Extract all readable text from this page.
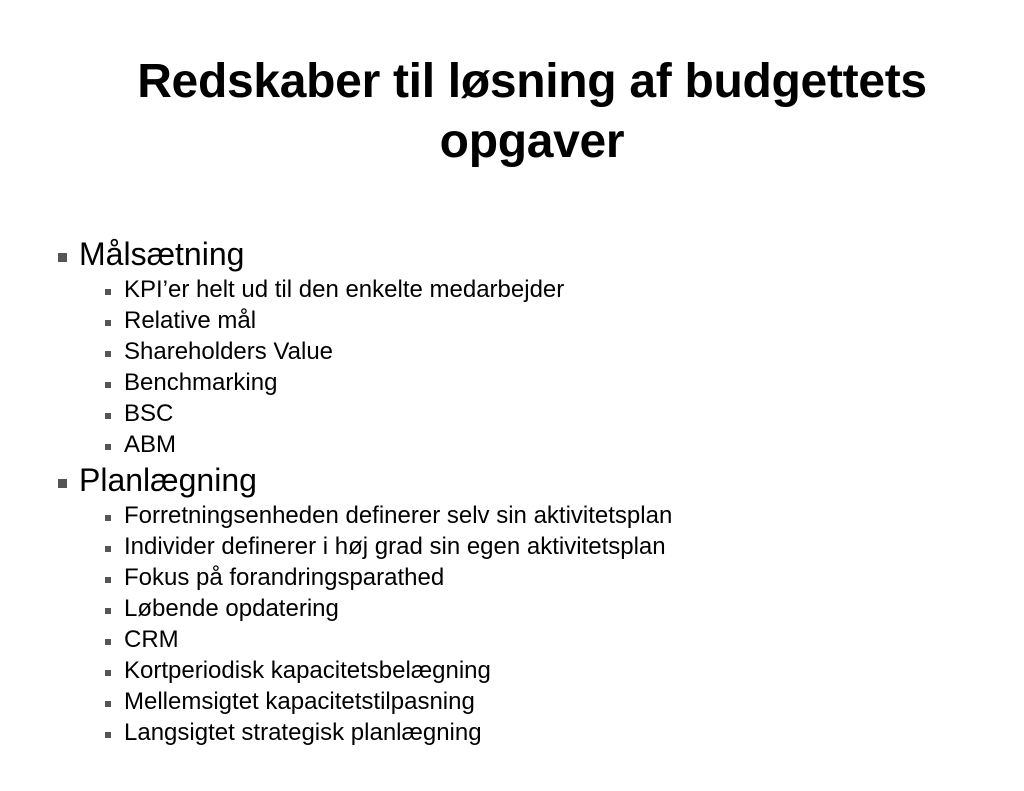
Redskaber til løsning af budgettets opgaver
Målsætning
KPI’er helt ud til den enkelte medarbejder
Relative mål
Shareholders Value
Benchmarking
BSC
ABM
Planlægning
Forretningsenheden definerer selv sin aktivitetsplan
Individer definerer i høj grad sin egen aktivitetsplan
Fokus på forandringsparathed
Løbende opdatering
CRM
Kortperiodisk kapacitetsbelægning
Mellemsigtet kapacitetstilpasning
Langsigtet strategisk planlægning
